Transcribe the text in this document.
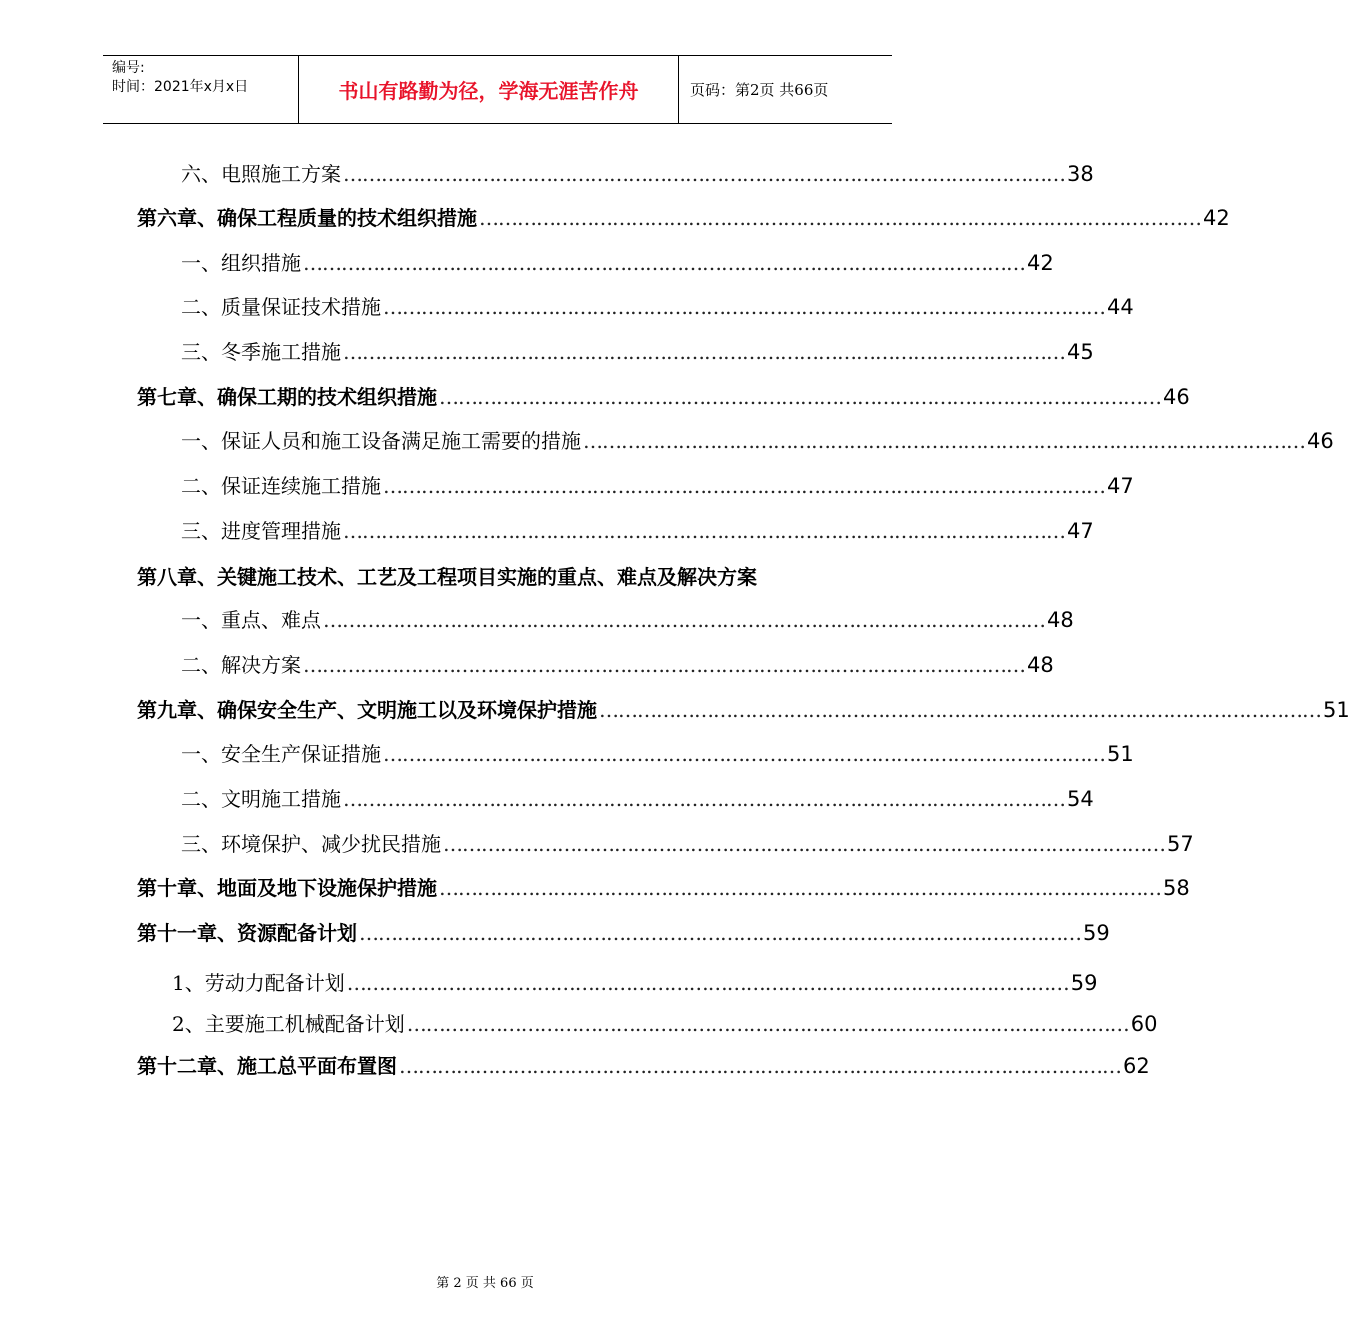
编号:
时间：2021年x月x日	书山有路勤为径，学海无涯苦作舟	页码：第2页 共66页
六、电照施工方案 …………………………………………………………………………………………………… 38
第六章、确保工程质量的技术组织措施 …………………………………………………………………………………………………… 42
一、组织措施 …………………………………………………………………………………………………… 42
二、质量保证技术措施 …………………………………………………………………………………………………… 44
三、冬季施工措施 …………………………………………………………………………………………………… 45
第七章、确保工期的技术组织措施 …………………………………………………………………………………………………… 46
一、保证人员和施工设备满足施工需要的措施 …………………………………………………………………………………………………… 46
二、保证连续施工措施 …………………………………………………………………………………………………… 47
三、进度管理措施 …………………………………………………………………………………………………… 47
第八章、关键施工技术、工艺及工程项目实施的重点、难点及解决方案
一、重点、难点 …………………………………………………………………………………………………… 48
二、解决方案 …………………………………………………………………………………………………… 48
第九章、确保安全生产、文明施工以及环境保护措施 …………………………………………………………………………………………………… 51
一、安全生产保证措施 …………………………………………………………………………………………………… 51
二、文明施工措施 …………………………………………………………………………………………………… 54
三、环境保护、减少扰民措施 …………………………………………………………………………………………………… 57
第十章、地面及地下设施保护措施 …………………………………………………………………………………………………… 58
第十一章、资源配备计划 …………………………………………………………………………………………………… 59
1、劳动力配备计划 …………………………………………………………………………………………………… 59
2、主要施工机械配备计划 …………………………………………………………………………………………………… 60
第十二章、施工总平面布置图 …………………………………………………………………………………………………… 62
第 2 页 共 66 页
